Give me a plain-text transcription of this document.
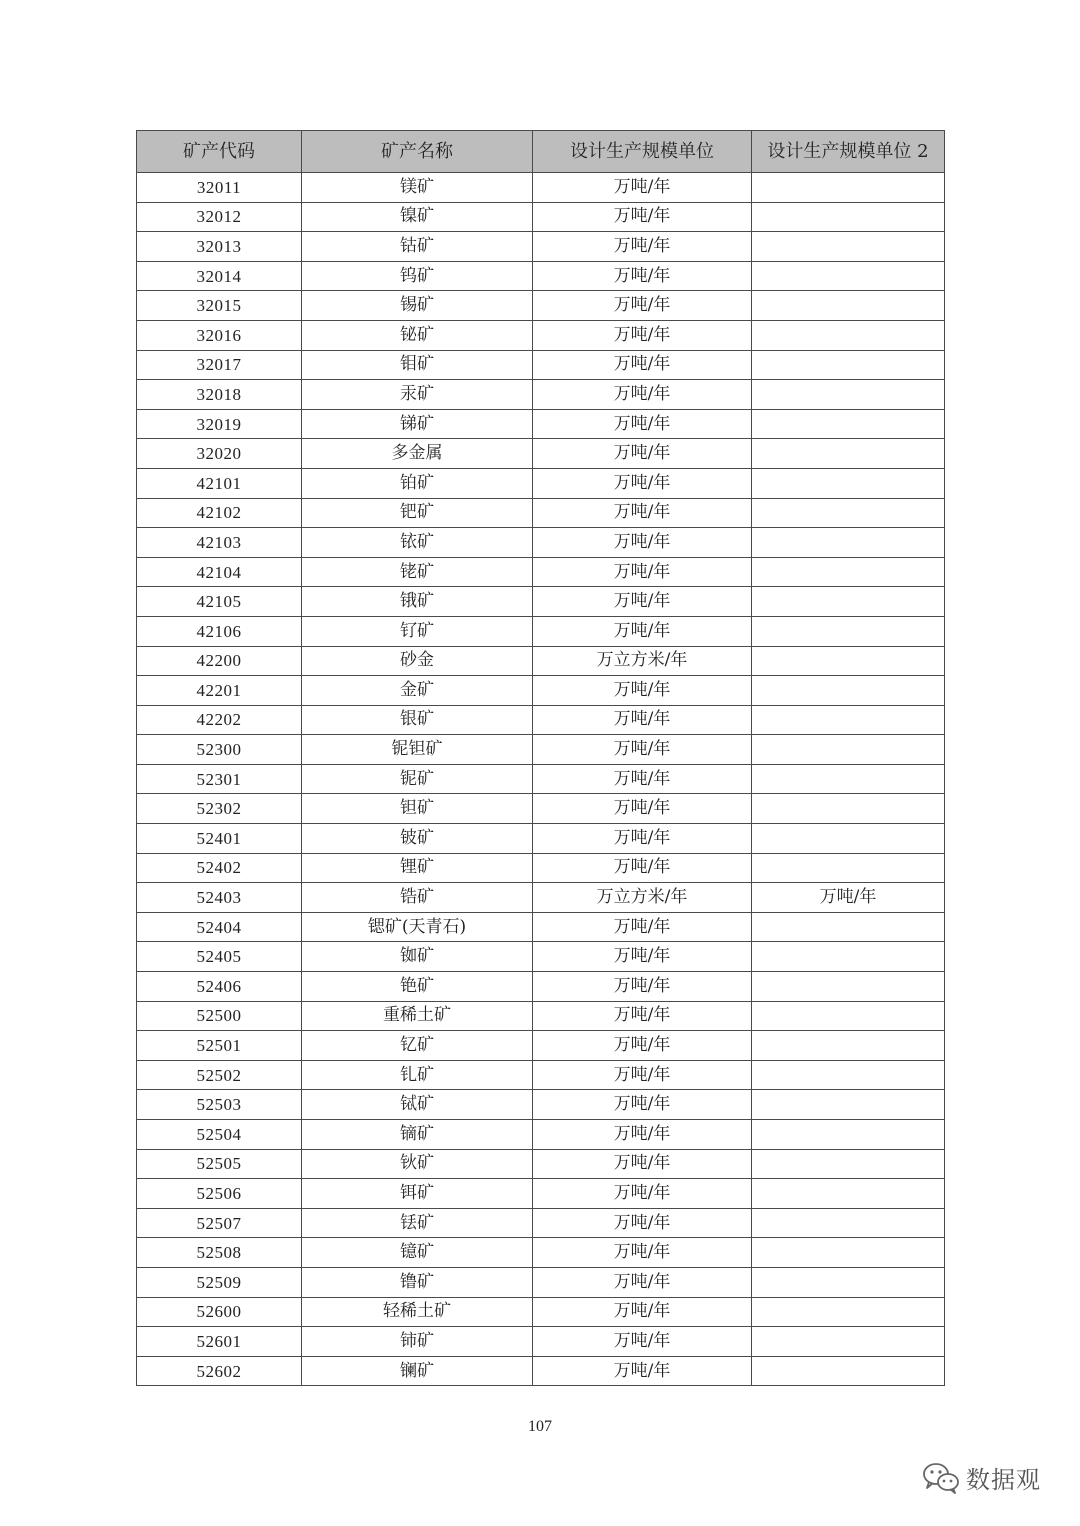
矿产代码	矿产名称	设计生产规模单位	设计生产规模单位 2
32011	镁矿	万吨/年	
32012	镍矿	万吨/年	
32013	钴矿	万吨/年	
32014	钨矿	万吨/年	
32015	锡矿	万吨/年	
32016	铋矿	万吨/年	
32017	钼矿	万吨/年	
32018	汞矿	万吨/年	
32019	锑矿	万吨/年	
32020	多金属	万吨/年	
42101	铂矿	万吨/年	
42102	钯矿	万吨/年	
42103	铱矿	万吨/年	
42104	铑矿	万吨/年	
42105	锇矿	万吨/年	
42106	钌矿	万吨/年	
42200	砂金	万立方米/年	
42201	金矿	万吨/年	
42202	银矿	万吨/年	
52300	铌钽矿	万吨/年	
52301	铌矿	万吨/年	
52302	钽矿	万吨/年	
52401	铍矿	万吨/年	
52402	锂矿	万吨/年	
52403	锆矿	万立方米/年	万吨/年
52404	锶矿(天青石)	万吨/年	
52405	铷矿	万吨/年	
52406	铯矿	万吨/年	
52500	重稀土矿	万吨/年	
52501	钇矿	万吨/年	
52502	钆矿	万吨/年	
52503	铽矿	万吨/年	
52504	镝矿	万吨/年	
52505	钬矿	万吨/年	
52506	铒矿	万吨/年	
52507	铥矿	万吨/年	
52508	镱矿	万吨/年	
52509	镥矿	万吨/年	
52600	轻稀土矿	万吨/年	
52601	铈矿	万吨/年	
52602	镧矿	万吨/年	
107
数据观
